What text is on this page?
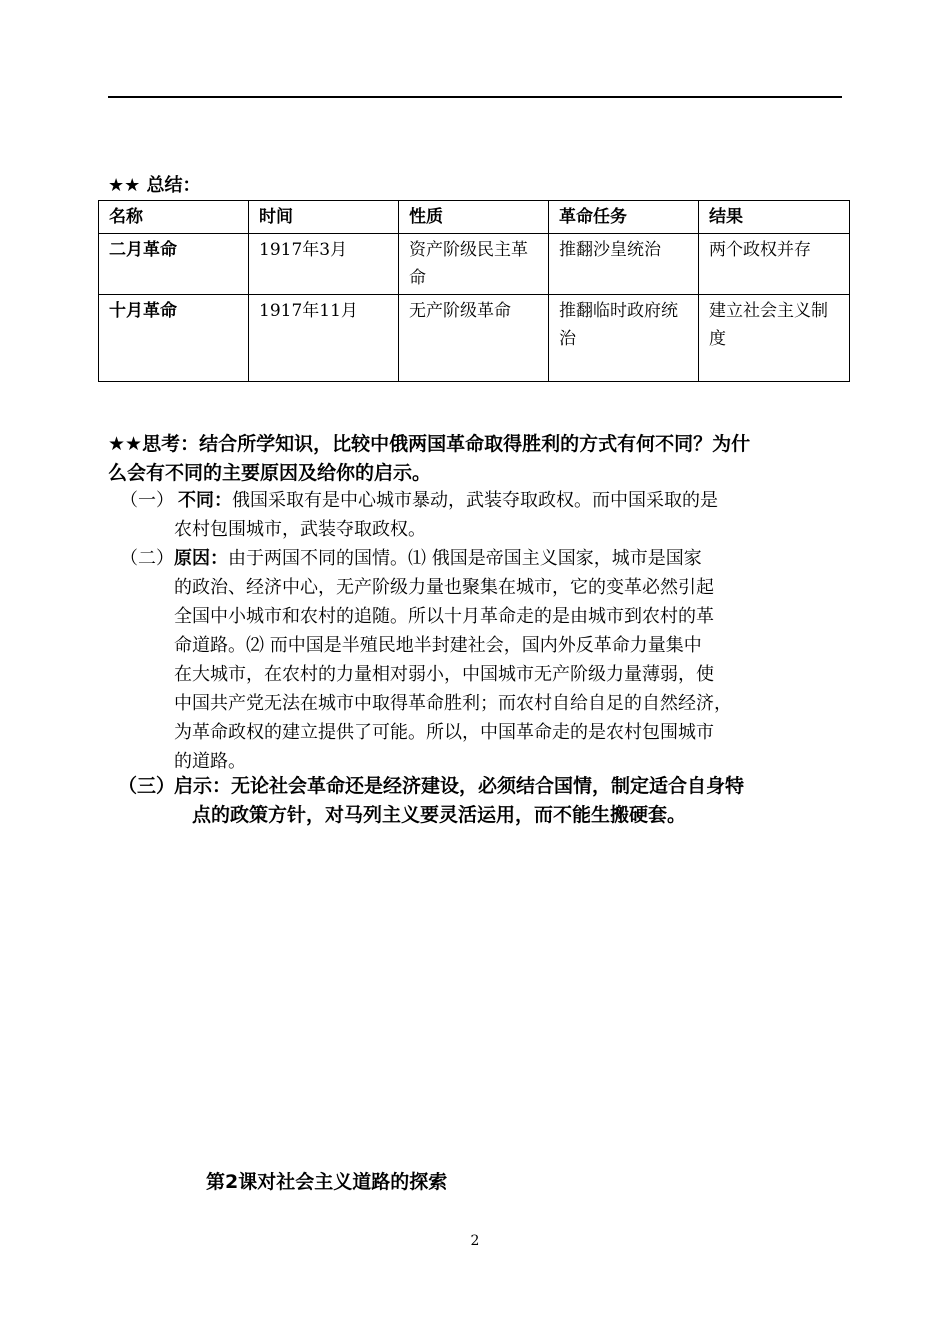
★★ 总结：
名称	时间	性质	革命任务	结果
二月革命	1917年3月	资产阶级民主革命	推翻沙皇统治	两个政权并存
十月革命	1917年11月	无产阶级革命	推翻临时政府统治	建立社会主义制度
★★思考：结合所学知识，比较中俄两国革命取得胜利的方式有何不同？为什
么会有不同的主要原因及给你的启示。
（一） 不同：俄国采取有是中心城市暴动，武装夺取政权。而中国采取的是
农村包围城市，武装夺取政权。
（二） 原因：由于两国不同的国情。⑴ 俄国是帝国主义国家，城市是国家
的政治、经济中心，无产阶级力量也聚集在城市，它的变革必然引起
全国中小城市和农村的追随。所以十月革命走的是由城市到农村的革
命道路。⑵ 而中国是半殖民地半封建社会，国内外反革命力量集中
在大城市，在农村的力量相对弱小，中国城市无产阶级力量薄弱，使
中国共产党无法在城市中取得革命胜利；而农村自给自足的自然经济，
为革命政权的建立提供了可能。所以，中国革命走的是农村包围城市
的道路。
（三）
启示：无论社会革命还是经济建设，必须结合国情，制定适合自身特
点的政策方针，对马列主义要灵活运用，而不能生搬硬套。
第2课对社会主义道路的探索
2
